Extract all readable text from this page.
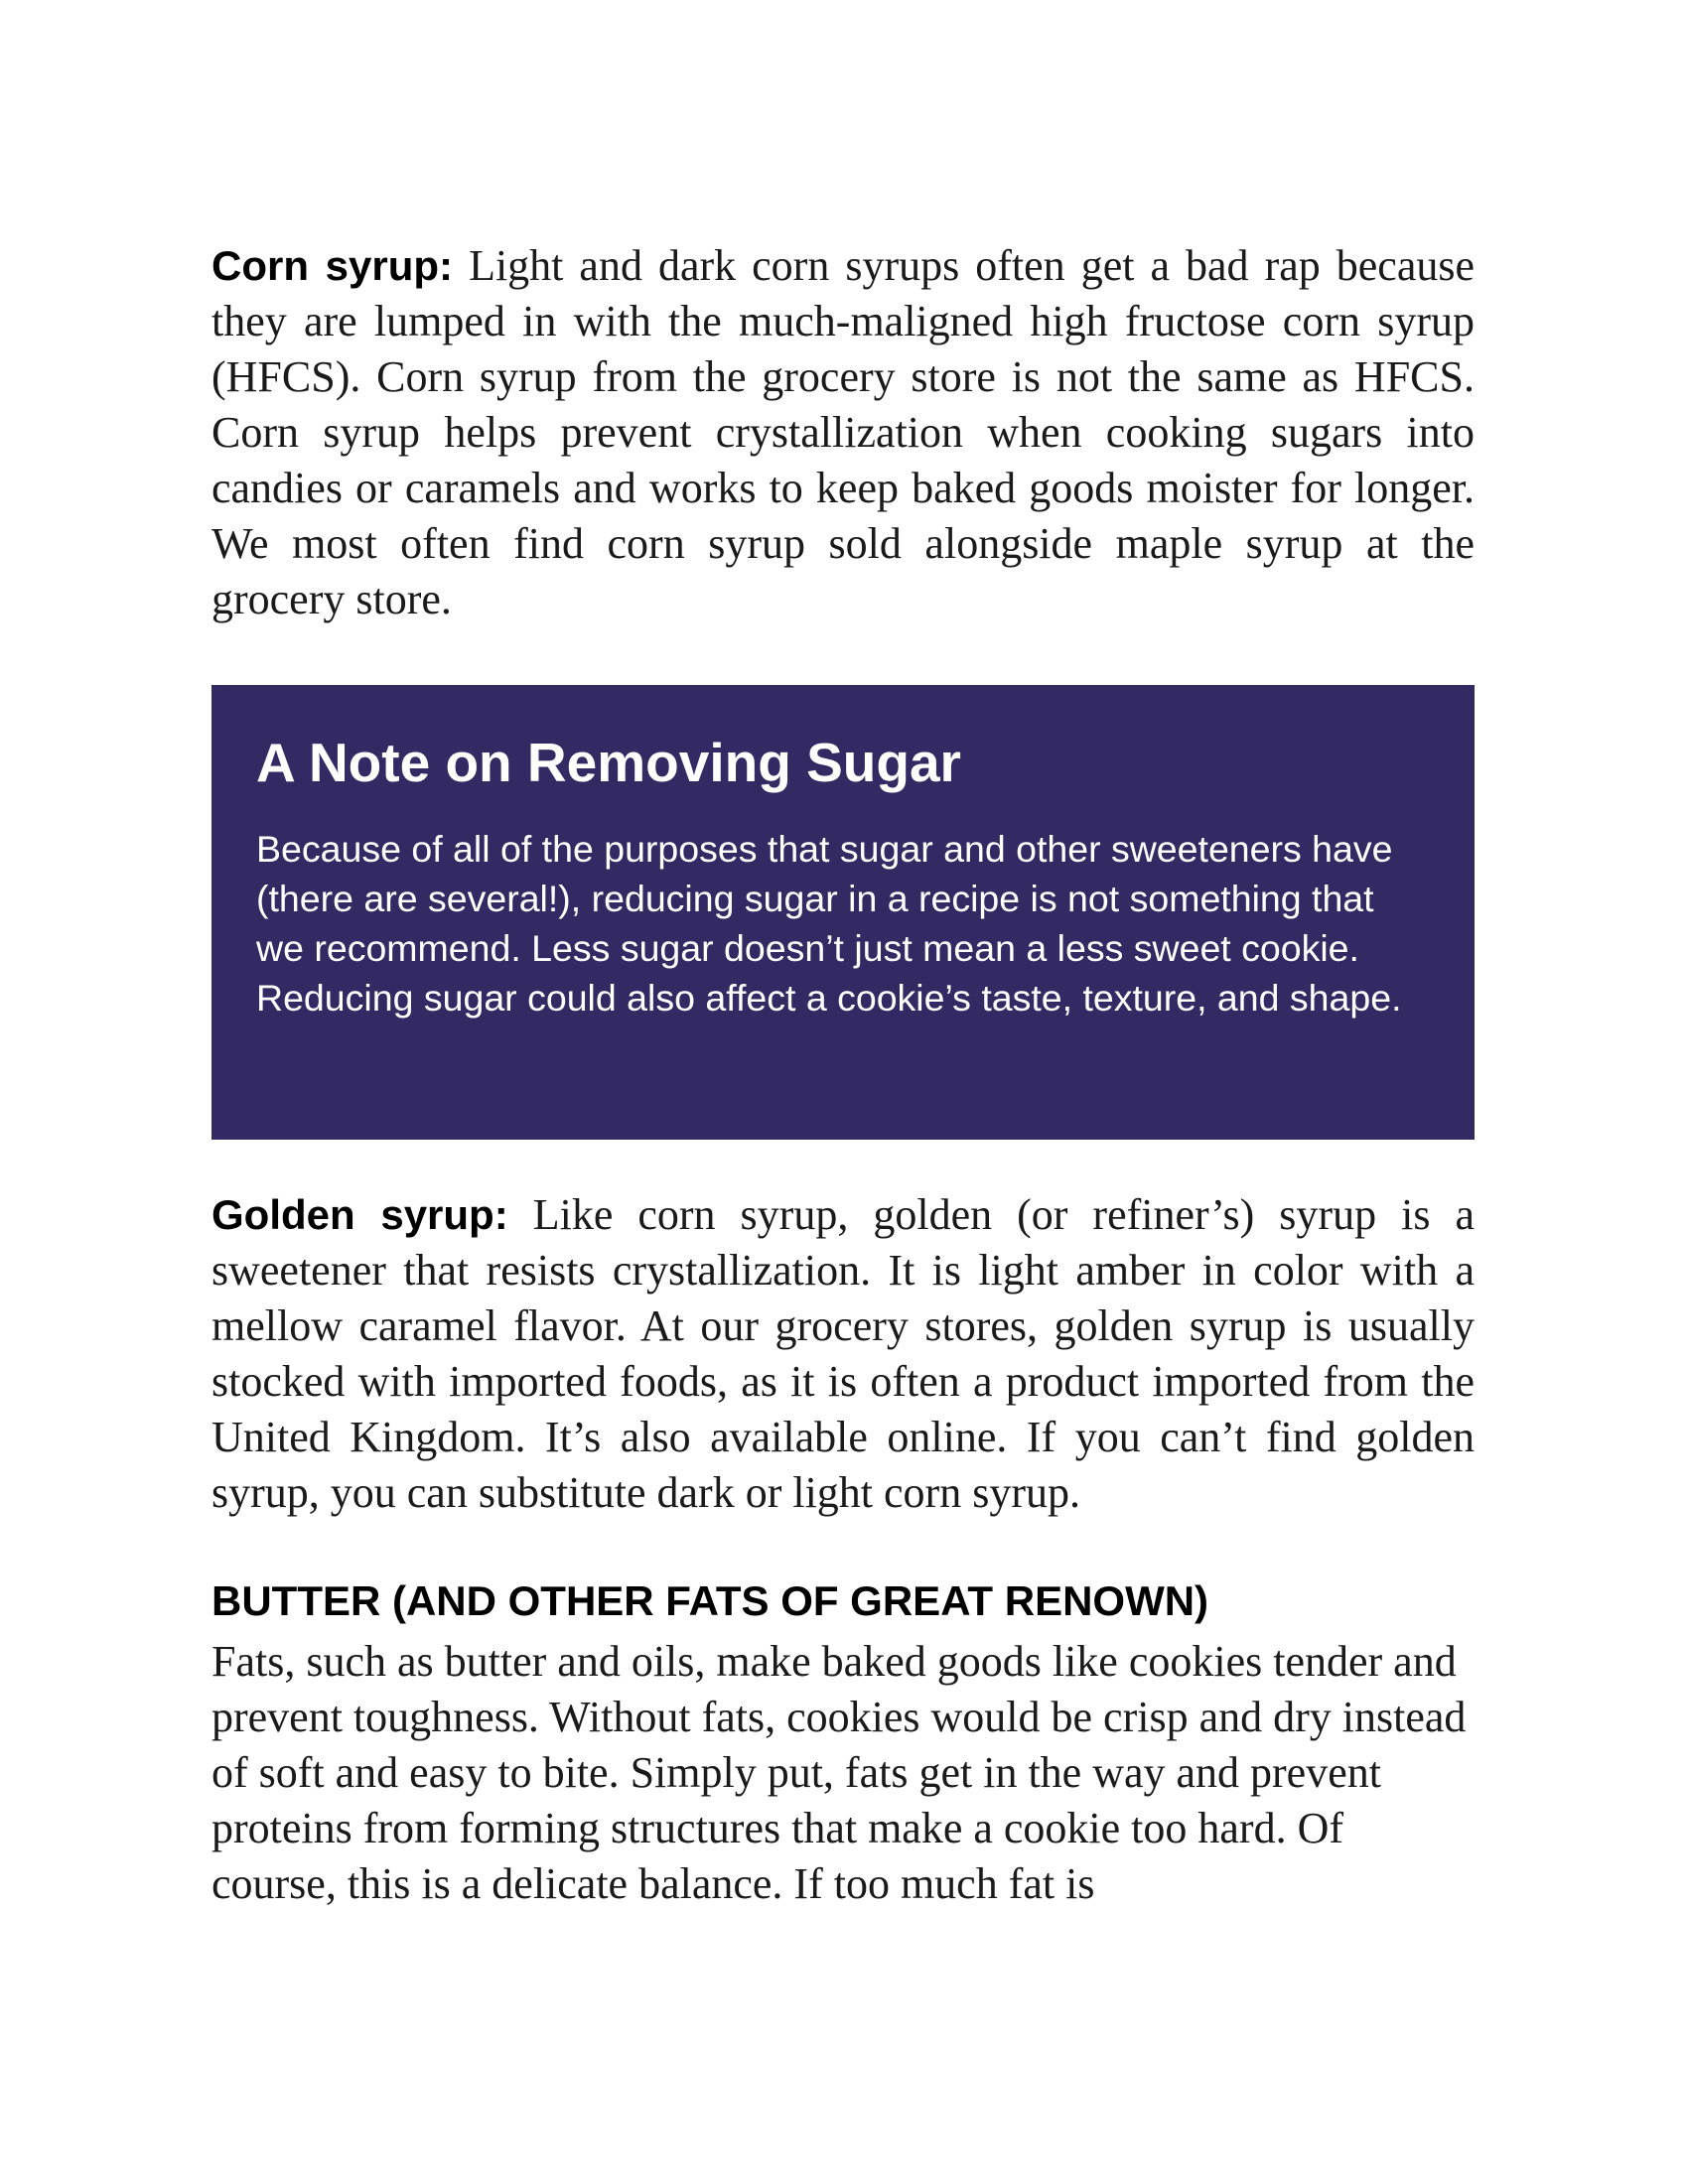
Corn syrup: Light and dark corn syrups often get a bad rap because they are lumped in with the much-maligned high fructose corn syrup (HFCS). Corn syrup from the grocery store is not the same as HFCS. Corn syrup helps prevent crystallization when cooking sugars into candies or caramels and works to keep baked goods moister for longer. We most often find corn syrup sold alongside maple syrup at the grocery store.

A Note on Removing Sugar

Because of all of the purposes that sugar and other sweeteners have (there are several!), reducing sugar in a recipe is not something that we recommend. Less sugar doesn’t just mean a less sweet cookie. Reducing sugar could also affect a cookie’s taste, texture, and shape.

Golden syrup: Like corn syrup, golden (or refiner’s) syrup is a sweetener that resists crystallization. It is light amber in color with a mellow caramel flavor. At our grocery stores, golden syrup is usually stocked with imported foods, as it is often a product imported from the United Kingdom. It’s also available online. If you can’t find golden syrup, you can substitute dark or light corn syrup.

BUTTER (AND OTHER FATS OF GREAT RENOWN)

Fats, such as butter and oils, make baked goods like cookies tender and prevent toughness. Without fats, cookies would be crisp and dry instead of soft and easy to bite. Simply put, fats get in the way and prevent proteins from forming structures that make a cookie too hard. Of course, this is a delicate balance. If too much fat is
